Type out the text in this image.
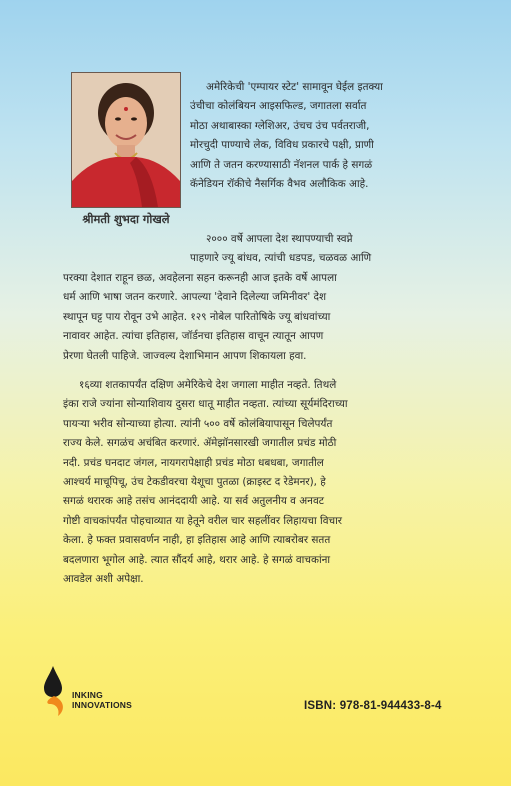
श्रीमती शुभदा गोखले
अमेरिकेची 'एम्पायर स्टेट' सामावून घेईल इतक्या
उंचीचा कोलंबियन आइसफिल्ड, जगातला सर्वात
मोठा अथाबास्का ग्लेशिअर, उंचच उंच पर्वतराजी,
मोरचुदी पाण्याचे लेक, विविध प्रकारचे पक्षी, प्राणी
आणि ते जतन करण्यासाठी नॅशनल पार्क हे सगळं
कॅनेडियन रॉकीचे नैसर्गिक वैभव अलौकिक आहे.
२००० वर्षे आपला देश स्थापण्याची स्वप्ने
पाहणारे ज्यू बांधव, त्यांची धडपड, चळवळ आणि
परक्या देशात राहून छळ, अवहेलना सहन करूनही आज इतके वर्षे आपला
धर्म आणि भाषा जतन करणारे. आपल्या 'देवाने दिलेल्या जमिनीवर' देश
स्थापून घट्ट पाय रोवून उभे आहेत. १२९ नोबेल पारितोषिके ज्यू बांधवांच्या
नावावर आहेत. त्यांचा इतिहास, जॉर्डनचा इतिहास वाचून त्यातून आपण
प्रेरणा घेतली पाहिजे. जाज्वल्य देशाभिमान आपण शिकायला हवा.
१६व्या शतकापर्यंत दक्षिण अमेरिकेचे देश जगाला माहीत नव्हते. तिथले
इंका राजे ज्यांना सोन्याशिवाय दुसरा धातू माहीत नव्हता. त्यांच्या सूर्यमंदिराच्या
पायऱ्या भरीव सोन्याच्या होत्या. त्यांनी ५०० वर्षे कोलंबियापासून चिलेपर्यंत
राज्य केले. सगळंच अचंबित करणारं. ॲमेझॉनसारखी जगातील प्रचंड मोठी
नदी. प्रचंड घनदाट जंगल, नायगरापेक्षाही प्रचंड मोठा धबधबा, जगातील
आश्चर्य माचूपिचू, उंच टेकडीवरचा येशूचा पुतळा (क्राइस्ट द रेडेमनर), हे
सगळं थरारक आहे तसंच आनंददायी आहे. या सर्व अतुलनीय व अनवट
गोष्टी वाचकांपर्यंत पोहचाव्यात या हेतूने वरील चार सहलींवर लिहायचा विचार
केला. हे फक्त प्रवासवर्णन नाही, हा इतिहास आहे आणि त्याबरोबर सतत
बदलणारा भूगोल आहे. त्यात सौंदर्य आहे, थरार आहे. हे सगळं वाचकांना
आवडेल अशी अपेक्षा.
INKING
INNOVATIONS	ISBN: 978-81-944433-8-4
